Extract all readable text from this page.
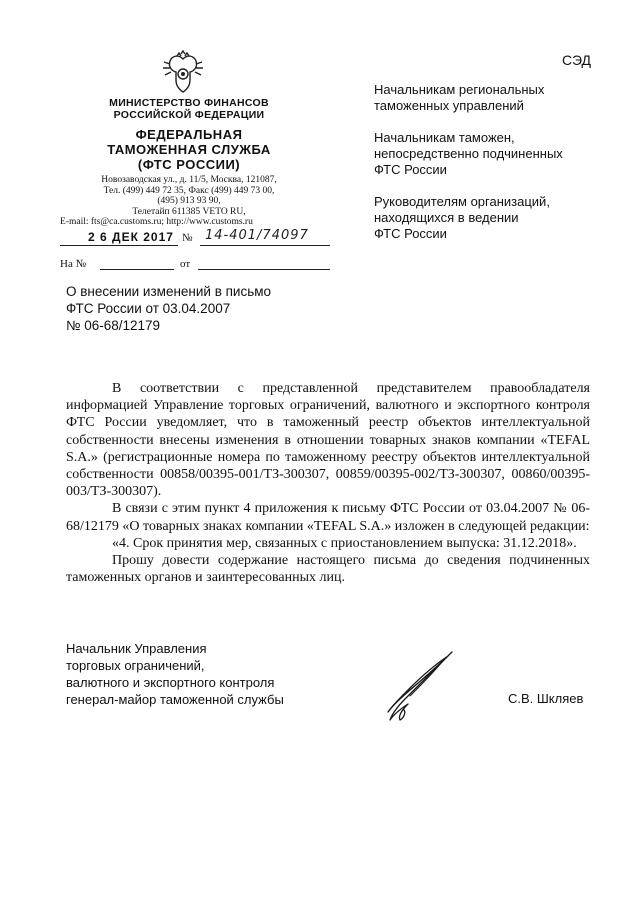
СЭД
МИНИСТЕРСТВО ФИНАНСОВ
РОССИЙСКОЙ ФЕДЕРАЦИИ
ФЕДЕРАЛЬНАЯ
ТАМОЖЕННАЯ СЛУЖБА
(ФТС РОССИИ)
Новозаводская ул., д. 11/5, Москва, 121087,
Тел. (499) 449 72 35, Факс (499) 449 73 00,
(495) 913 93 90,
Телетайп 611385 VETO RU,
E-mail: fts@ca.customs.ru; http://www.customs.ru
2 6 ДЕК 2017 № 14-401/74097
На №	от
Начальникам региональных
таможенных управлений
Начальникам таможен,
непосредственно подчиненных
ФТС России
Руководителям организаций,
находящихся в ведении
ФТС России
О внесении изменений в письмо
ФТС России от 03.04.2007
№ 06-68/12179

В соответствии с представленной представителем правообладателя информацией Управление торговых ограничений, валютного и экспортного контроля ФТС России уведомляет, что в таможенный реестр объектов интеллектуальной собственности внесены изменения в отношении товарных знаков компании «TEFAL S.A.» (регистрационные номера по таможенному реестру объектов интеллектуальной собственности 00858/00395-001/ТЗ-300307, 00859/00395-002/ТЗ-300307, 00860/00395-003/ТЗ-300307).

В связи с этим пункт 4 приложения к письму ФТС России от 03.04.2007 № 06-68/12179 «О товарных знаках компании «TEFAL S.A.» изложен в следующей редакции:

«4. Срок принятия мер, связанных с приостановлением выпуска: 31.12.2018».

Прошу довести содержание настоящего письма до сведения подчиненных таможенных органов и заинтересованных лиц.

Начальник Управления
торговых ограничений,
валютного и экспортного контроля
генерал-майор таможенной службы	С.В. Шкляев
